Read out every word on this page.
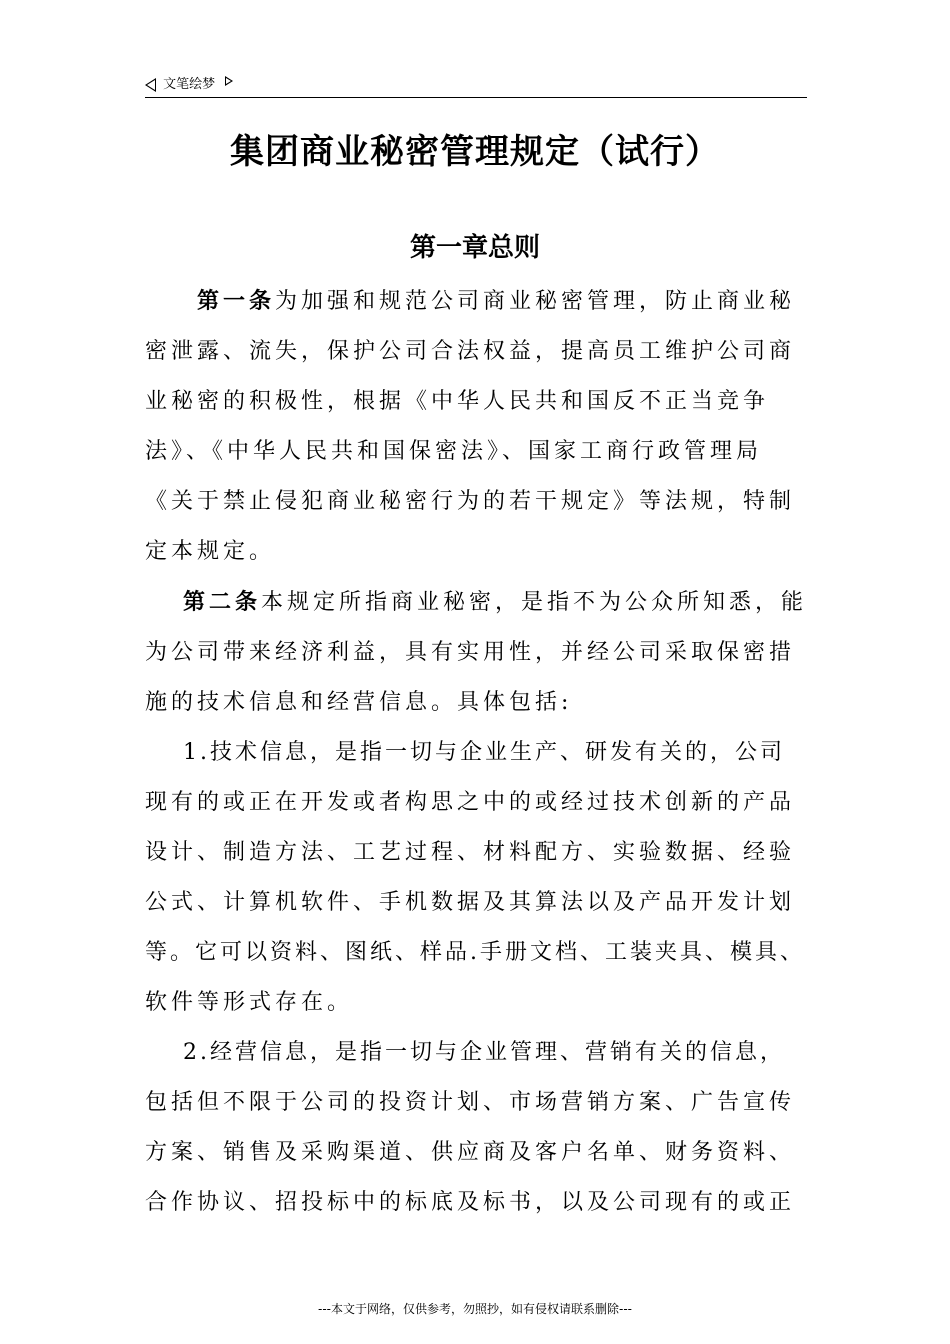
文笔绘梦
集团商业秘密管理规定（试行）
第一章总则

第一条为加强和规范公司商业秘密管理，防止商业秘

密泄露、流失，保护公司合法权益，提高员工维护公司商

业秘密的积极性，根据《中华人民共和国反不正当竞争

法》、《中华人民共和国保密法》、国家工商行政管理局

《关于禁止侵犯商业秘密行为的若干规定》等法规，特制

定本规定。

第二条本规定所指商业秘密，是指不为公众所知悉，能

为公司带来经济利益，具有实用性，并经公司采取保密措

施的技术信息和经营信息。具体包括:

1.技术信息，是指一切与企业生产、研发有关的，公司

现有的或正在开发或者构思之中的或经过技术创新的产品

设计、制造方法、工艺过程、材料配方、实验数据、经验

公式、计算机软件、手机数据及其算法以及产品开发计划

等。它可以资料、图纸、样品.手册文档、工装夹具、模具、

软件等形式存在。

2.经营信息，是指一切与企业管理、营销有关的信息，

包括但不限于公司的投资计划、市场营销方案、广告宣传

方案、销售及采购渠道、供应商及客户名单、财务资料、

合作协议、招投标中的标底及标书，以及公司现有的或正

---本文于网络，仅供参考，勿照抄，如有侵权请联系删除---
